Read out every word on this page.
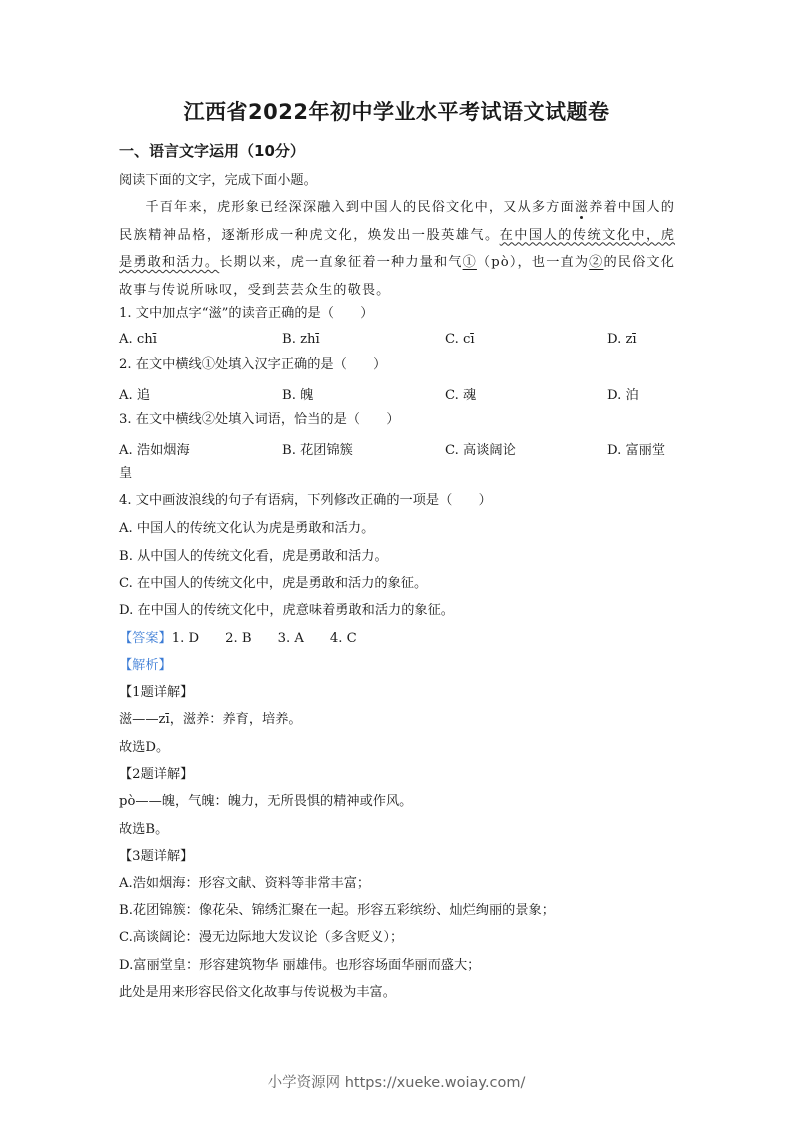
江西省2022年初中学业水平考试语文试题卷
一、语言文字运用（10分）
阅读下面的文字，完成下面小题。
千百年来，虎形象已经深深融入到中国人的民俗文化中，又从多方面滋养着中国人的民族精神品格，逐渐形成一种虎文化，焕发出一股英雄气。在中国人的传统文化中，虎是勇敢和活力。长期以来，虎一直象征着一种力量和气①（pò），也一直为②的民俗文化故事与传说所咏叹，受到芸芸众生的敬畏。
1. 文中加点字“滋”的读音正确的是（　　）
A. chī	B. zhī	C. cī	D. zī
2. 在文中横线①处填入汉字正确的是（　　）
A. 追	B. 魄	C. 魂	D. 泊
3. 在文中横线②处填入词语，恰当的是（　　）
A. 浩如烟海	B. 花团锦簇	C. 高谈阔论	D. 富丽堂
皇
4. 文中画波浪线的句子有语病，下列修改正确的一项是（　　）
A. 中国人的传统文化认为虎是勇敢和活力。
B. 从中国人的传统文化看，虎是勇敢和活力。
C. 在中国人的传统文化中，虎是勇敢和活力的象征。
D. 在中国人的传统文化中，虎意味着勇敢和活力的象征。
【答案】1. D 2. B 3. A 4. C
【解析】
【1题详解】
滋——zī，滋养：养育，培养。
故选D。
【2题详解】
pò——魄，气魄：魄力，无所畏惧的精神或作风。
故选B。
【3题详解】
A.浩如烟海：形容文献、资料等非常丰富；
B.花团锦簇：像花朵、锦绣汇聚在一起。形容五彩缤纷、灿烂绚丽的景象；
C.高谈阔论：漫无边际地大发议论（多含贬义）；
D.富丽堂皇：形容建筑物华 丽雄伟。也形容场面华丽而盛大；
此处是用来形容民俗文化故事与传说极为丰富。
小学资源网 https://xueke.woiay.com/
